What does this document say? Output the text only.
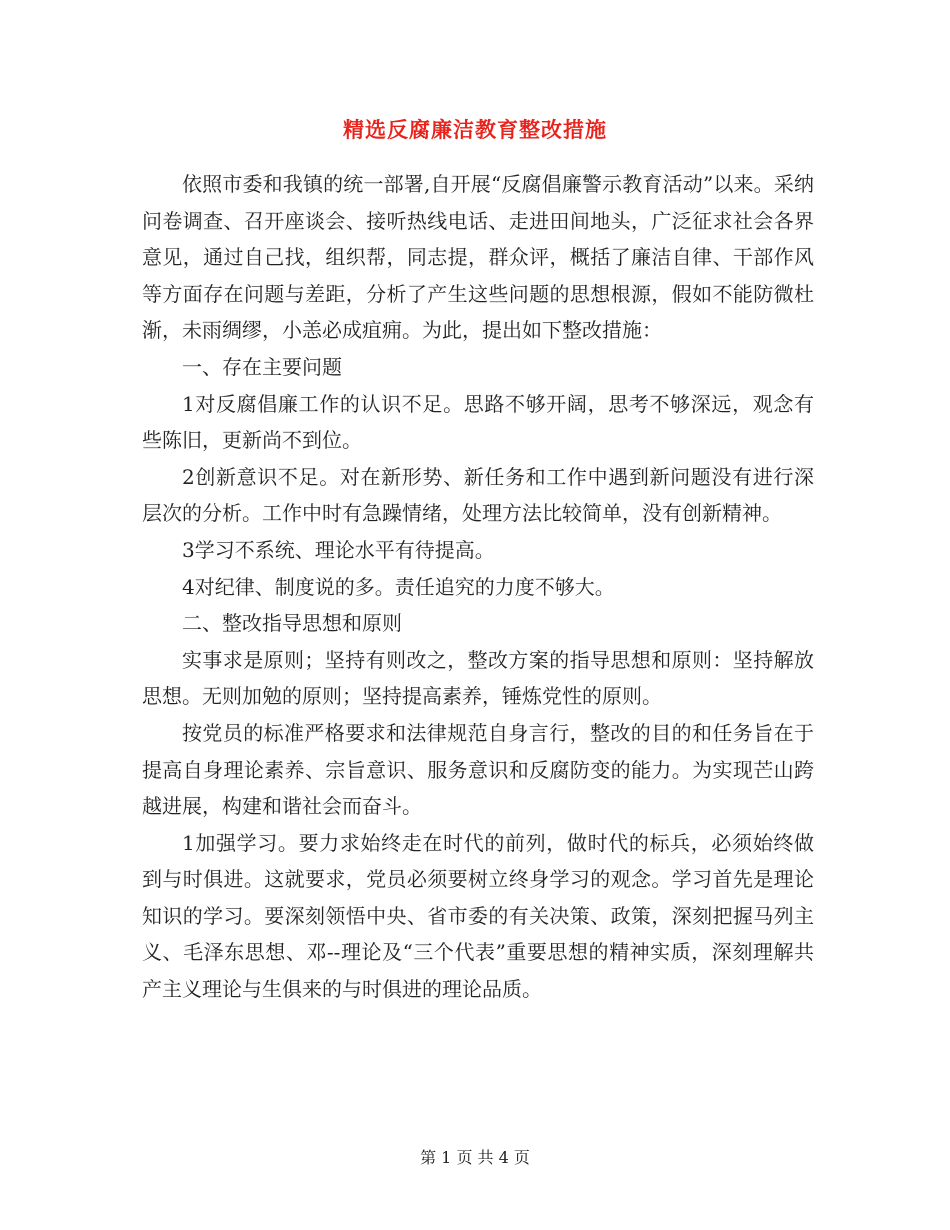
精选反腐廉洁教育整改措施

依照市委和我镇的统一部署,自开展“反腐倡廉警示教育活动”以来。采纳问卷调查、召开座谈会、接听热线电话、走进田间地头，广泛征求社会各界意见，通过自己找，组织帮，同志提，群众评，概括了廉洁自律、干部作风等方面存在问题与差距，分析了产生这些问题的思想根源，假如不能防微杜渐，未雨绸缪，小恙必成疽痈。为此，提出如下整改措施：

一、存在主要问题

1对反腐倡廉工作的认识不足。思路不够开阔，思考不够深远，观念有些陈旧，更新尚不到位。

2创新意识不足。对在新形势、新任务和工作中遇到新问题没有进行深层次的分析。工作中时有急躁情绪，处理方法比较简单，没有创新精神。

3学习不系统、理论水平有待提高。

4对纪律、制度说的多。责任追究的力度不够大。

二、整改指导思想和原则

实事求是原则；坚持有则改之，整改方案的指导思想和原则：坚持解放思想。无则加勉的原则；坚持提高素养，锤炼党性的原则。

按党员的标准严格要求和法律规范自身言行，整改的目的和任务旨在于提高自身理论素养、宗旨意识、服务意识和反腐防变的能力。为实现芒山跨越进展，构建和谐社会而奋斗。

1加强学习。要力求始终走在时代的前列，做时代的标兵，必须始终做到与时俱进。这就要求，党员必须要树立终身学习的观念。学习首先是理论知识的学习。要深刻领悟中央、省市委的有关决策、政策，深刻把握马列主义、毛泽东思想、邓--理论及“三个代表”重要思想的精神实质，深刻理解共产主义理论与生俱来的与时俱进的理论品质。

第 1 页 共 4 页
